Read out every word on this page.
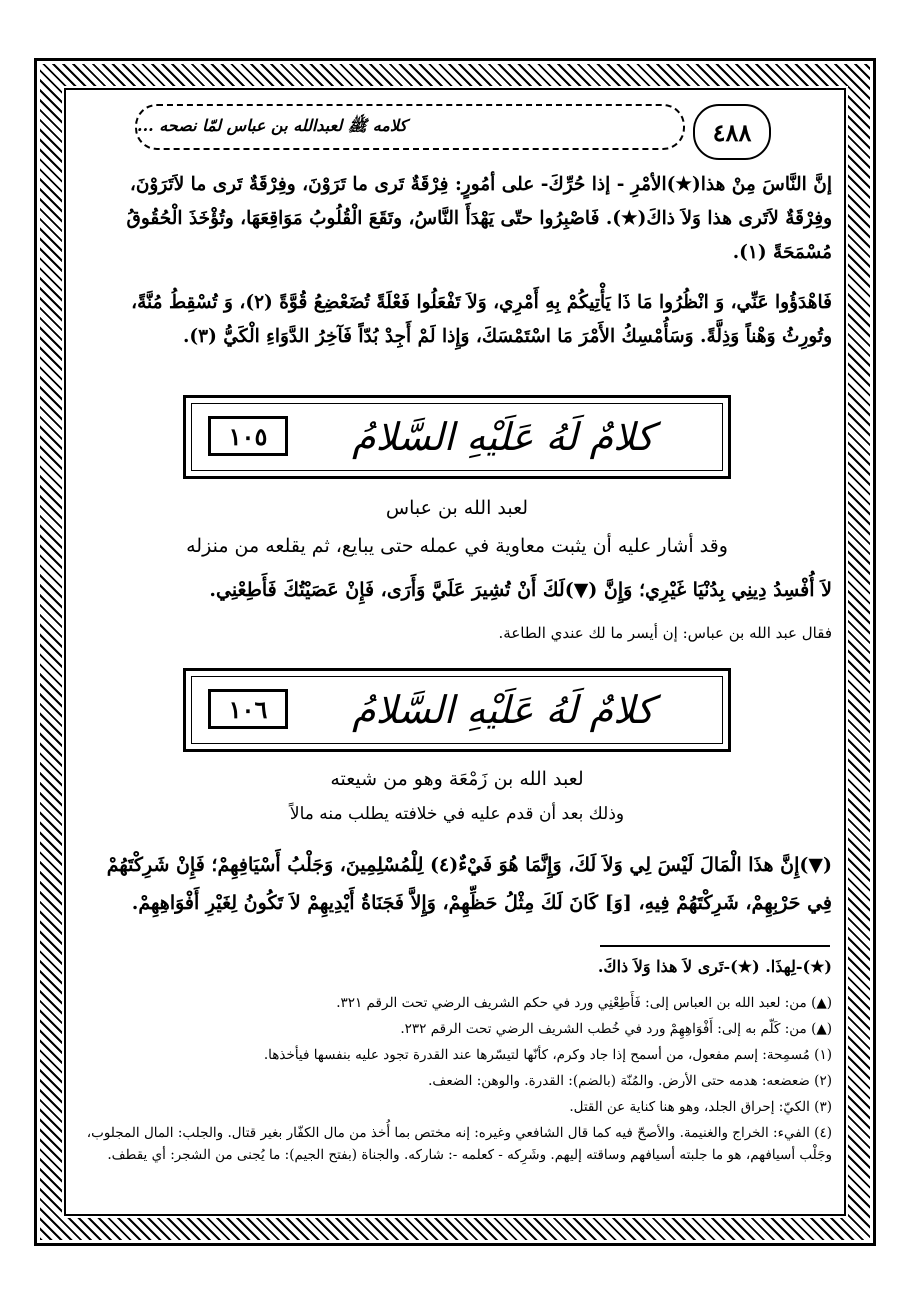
٤٨٨
كلامه ﷺ لعبدالله بن عباس لمّا نصحه ...
إنَّ النَّاسَ مِنْ هذا(★)الأمْرِ - إذا حُرِّكَ- على أمُورٍ: فِرْقَةٌ تَرى ما تَرَوْنَ، وفِرْقَةٌ تَرى ما لاَتَرَوْنَ، وفِرْقَةٌ لاَتَرى هذا وَلاَ ذاكَ(★). فَاصْبِرُوا حتّى يَهْدَأَ النَّاسُ، وتَقَعَ الْقُلُوبُ مَوَاقِعَهَا، وتُؤْخَذَ الْحُقُوقُ مُسْمَحَةً (١).
فَاهْدَؤُوا عَنِّي، وَ انْظُرُوا مَا ذَا يَأْتِيكُمْ بِهِ أَمْرِي، وَلاَ تَفْعَلُوا فَعْلَةً تُضَعْضِعُ قُوَّةً (٢)، وَ تُسْقِطُ مُنَّةً، وتُورِثُ وَهْناً وَذِلَّةً. وَسَأُمْسِكُ الأَمْرَ مَا اسْتَمْسَكَ، وَإِذا لَمْ أَجِدْ بُدّاً فَآخِرُ الدَّوَاءِ الْكَيُّ (٣).
١٠٥	كلامٌ لَهُ عَلَيْهِ السَّلامُ
لعبد الله بن عباس
وقد أشار عليه أن يثبت معاوية في عمله حتى يبايع، ثم يقلعه من منزله
لاَ أُفْسِدُ دِينِي بِدُنْيَا غَيْرِي؛ وَإِنَّ (▼)لَكَ أَنْ تُشِيرَ عَلَيَّ وَأَرَى، فَإِنْ عَصَيْتُكَ فَأَطِعْنِي.
فقال عبد الله بن عباس: إن أيسر ما لك عندي الطاعة.
١٠٦	كلامٌ لَهُ عَلَيْهِ السَّلامُ
لعبد الله بن زَمْعَة وهو من شيعته
وذلك بعد أن قدم عليه في خلافته يطلب منه مالاً
(▼)إِنَّ هذَا الْمَالَ لَيْسَ لِي وَلاَ لَكَ، وَإِنَّمَا هُوَ فَيْءٌ(٤) لِلْمُسْلِمِينَ، وَجَلْبُ أَسْيَافِهِمْ؛ فَإِنْ شَرِكْتَهُمْ فِي حَرْبِهِمْ، شَرِكْتَهُمْ فِيهِ، [وَ] كَانَ لَكَ مِثْلُ حَظِّهِمْ، وَإِلاَّ فَجَنَاةُ أَيْدِيهِمْ لاَ تَكُونُ لِغَيْرِ أَفْوَاهِهِمْ.
(★)-لِهذَا. (★)-تَرى لاَ هذا وَلاَ ذاكَ.
(▲) من: لعبد الله بن العباس إلى: فَأَطِعْنِي ورد في حكم الشريف الرضي تحت الرقم ٣٢١.
(▲) من: كَلّم به إلى: أَفْوَاهِهِمْ ورد في خُطب الشريف الرضي تحت الرقم ٢٣٢.
(١) مُسمِحة: إسم مفعول، من أسمح إذا جاد وكرم، كأنّها لتيسّرها عند القدرة تجود عليه بنفسها فيأخذها.
(٢) ضعضعه: هدمه حتى الأرض. والمُنّة (بالضم): القدرة. والوهن: الضعف.
(٣) الكيّ: إحراق الجلد، وهو هنا كناية عن القتل.
(٤) الفيء: الخراج والغنيمة. والأصحّ فيه كما قال الشافعي وغيره: إنه مختص بما أُخذ من مال الكفّار بغير قتال. والجلب: المال المجلوب، وجَلْب أسيافهم، هو ما جلبته أسيافهم وساقته إليهم. وشَرِكه - كعلمه -: شاركه. والجناة (بفتح الجيم): ما يُجنى من الشجر: أي يقطف.
